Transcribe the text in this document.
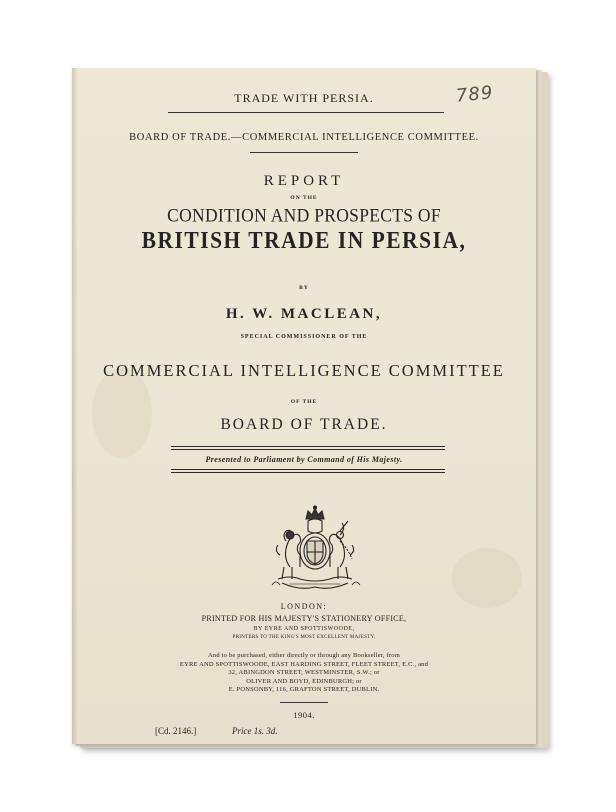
TRADE WITH PERSIA.	789
BOARD OF TRADE.—COMMERCIAL INTELLIGENCE COMMITTEE.
REPORT
ON THE
CONDITION AND PROSPECTS OF
BRITISH TRADE IN PERSIA,
BY
H. W. MACLEAN,
SPECIAL COMMISSIONER OF THE
COMMERCIAL INTELLIGENCE COMMITTEE
OF THE
BOARD OF TRADE.
Presented to Parliament by Command of His Majesty.
LONDON:
PRINTED FOR HIS MAJESTY'S STATIONERY OFFICE,
BY EYRE AND SPOTTISWOODE,
PRINTERS TO THE KING'S MOST EXCELLENT MAJESTY.
And to be purchased, either directly or through any Bookseller, from
EYRE AND SPOTTISWOODE, EAST HARDING STREET, FLEET STREET, E.C., and
32, ABINGDON STREET, WESTMINSTER, S.W.; or
OLIVER AND BOYD, EDINBURGH; or
E. PONSONBY, 116, GRAFTON STREET, DUBLIN.
1904.
[Cd. 2146.]	Price 1s. 3d.
